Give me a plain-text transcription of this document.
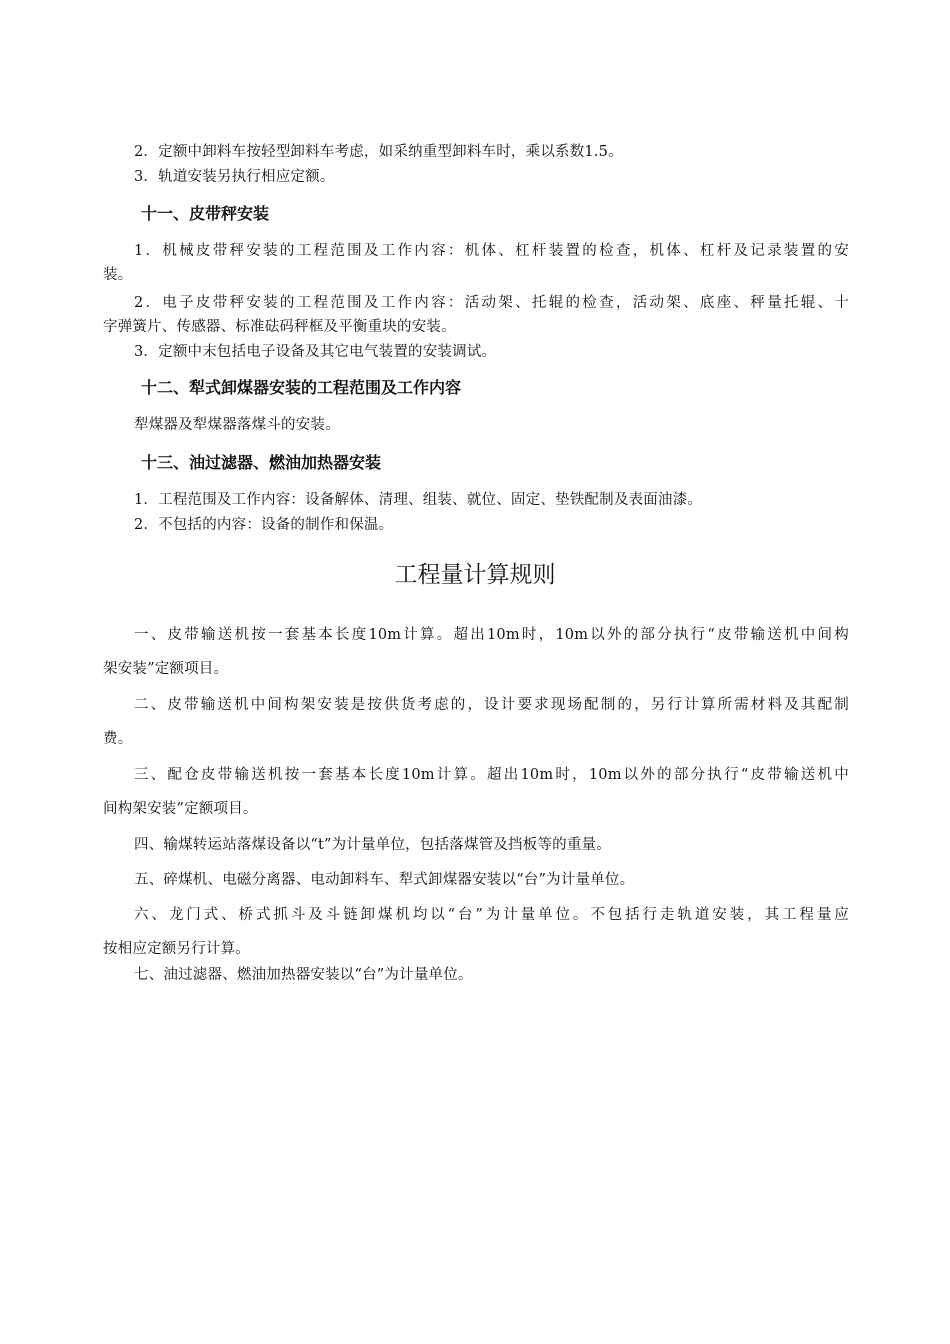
2．定额中卸料车按轻型卸料车考虑，如采纳重型卸料车时，乘以系数1.5。
3．轨道安装另执行相应定额。
十一、皮带秤安装
1．机械皮带秤安装的工程范围及工作内容：机体、杠杆装置的检查，机体、杠杆及记录装置的安
装。
2．电子皮带秤安装的工程范围及工作内容：活动架、托辊的检查，活动架、底座、秤量托辊、十
字弹簧片、传感器、标准砝码秤框及平衡重块的安装。
3．定额中末包括电子设备及其它电气装置的安装调试。
十二、犁式卸煤器安装的工程范围及工作内容
犁煤器及犁煤器落煤斗的安装。
十三、油过滤器、燃油加热器安装
1．工程范围及工作内容：设备解体、清理、组装、就位、固定、垫铁配制及表面油漆。
2．不包括的内容：设备的制作和保温。
工程量计算规则
一、皮带输送机按一套基本长度10m计算。超出10m时，10m以外的部分执行“皮带输送机中间构
架安装”定额项目。
二、皮带输送机中间构架安装是按供货考虑的，设计要求现场配制的，另行计算所需材料及其配制
费。
三、配仓皮带输送机按一套基本长度10m计算。超出10m时，10m以外的部分执行“皮带输送机中
间构架安装”定额项目。
四、输煤转运站落煤设备以“t”为计量单位，包括落煤管及挡板等的重量。
五、碎煤机、电磁分离器、电动卸料车、犁式卸煤器安装以“台”为计量单位。
六、龙门式、桥式抓斗及斗链卸煤机均以“台”为计量单位。不包括行走轨道安装，其工程量应
按相应定额另行计算。
七、油过滤器、燃油加热器安装以“台”为计量单位。
